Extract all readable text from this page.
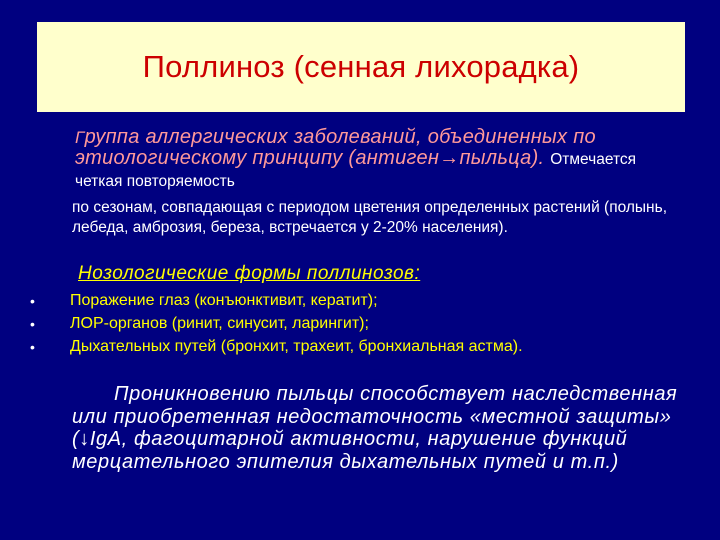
Поллиноз (сенная лихорадка)
Группа аллергических заболеваний, объединенных по этиологическому принципу (антиген→пыльца). Отмечается четкая повторяемость
по сезонам, совпадающая с периодом цветения определенных растений (полынь, лебеда, амброзия, береза, встречается у 2-20% населения).
Нозологические формы поллинозов:
•	Поражение глаз (конъюнктивит, кератит);
•	ЛОР-органов (ринит, синусит, ларингит);
•	Дыхательных путей (бронхит, трахеит, бронхиальная астма).
Проникновению пыльцы способствует наследственная или приобретенная недостаточность «местной защиты» (↓IgA, фагоцитарной активности, нарушение функций мерцательного эпителия дыхательных путей и т.п.)
